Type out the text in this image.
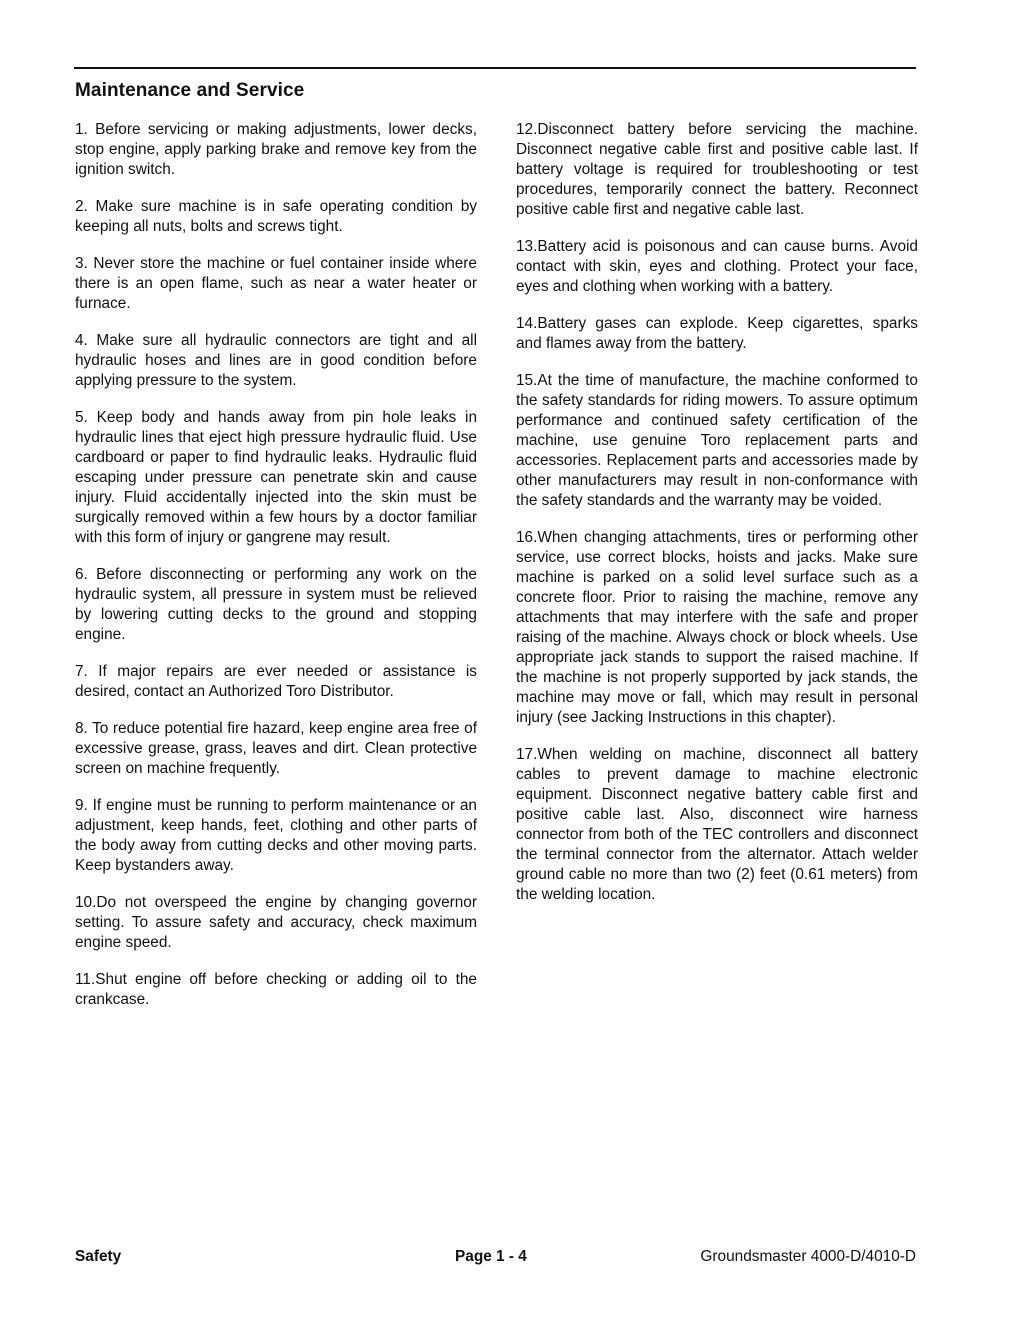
Maintenance and Service

1. Before servicing or making adjustments, lower decks, stop engine, apply parking brake and remove key from the ignition switch.

2. Make sure machine is in safe operating condition by keeping all nuts, bolts and screws tight.

3. Never store the machine or fuel container inside where there is an open flame, such as near a water heater or furnace.

4. Make sure all hydraulic connectors are tight and all hydraulic hoses and lines are in good condition before applying pressure to the system.

5. Keep body and hands away from pin hole leaks in hydraulic lines that eject high pressure hydraulic fluid. Use cardboard or paper to find hydraulic leaks. Hydraulic fluid escaping under pressure can penetrate skin and cause injury. Fluid accidentally injected into the skin must be surgically removed within a few hours by a doctor familiar with this form of injury or gangrene may result.

6. Before disconnecting or performing any work on the hydraulic system, all pressure in system must be relieved by lowering cutting decks to the ground and stopping engine.

7. If major repairs are ever needed or assistance is desired, contact an Authorized Toro Distributor.

8. To reduce potential fire hazard, keep engine area free of excessive grease, grass, leaves and dirt. Clean protective screen on machine frequently.

9. If engine must be running to perform maintenance or an adjustment, keep hands, feet, clothing and other parts of the body away from cutting decks and other moving parts. Keep bystanders away.

10.Do not overspeed the engine by changing governor setting. To assure safety and accuracy, check maximum engine speed.

11.Shut engine off before checking or adding oil to the crankcase.

12.Disconnect battery before servicing the machine. Disconnect negative cable first and positive cable last. If battery voltage is required for troubleshooting or test procedures, temporarily connect the battery. Reconnect positive cable first and negative cable last.

13.Battery acid is poisonous and can cause burns. Avoid contact with skin, eyes and clothing. Protect your face, eyes and clothing when working with a battery.

14.Battery gases can explode. Keep cigarettes, sparks and flames away from the battery.

15.At the time of manufacture, the machine conformed to the safety standards for riding mowers. To assure optimum performance and continued safety certification of the machine, use genuine Toro replacement parts and accessories. Replacement parts and accessories made by other manufacturers may result in non-conformance with the safety standards and the warranty may be voided.

16.When changing attachments, tires or performing other service, use correct blocks, hoists and jacks. Make sure machine is parked on a solid level surface such as a concrete floor. Prior to raising the machine, remove any attachments that may interfere with the safe and proper raising of the machine. Always chock or block wheels. Use appropriate jack stands to support the raised machine. If the machine is not properly supported by jack stands, the machine may move or fall, which may result in personal injury (see Jacking Instructions in this chapter).

17.When welding on machine, disconnect all battery cables to prevent damage to machine electronic equipment. Disconnect negative battery cable first and positive cable last. Also, disconnect wire harness connector from both of the TEC controllers and disconnect the terminal connector from the alternator. Attach welder ground cable no more than two (2) feet (0.61 meters) from the welding location.

Safety	Page 1 - 4	Groundsmaster 4000-D/4010-D
